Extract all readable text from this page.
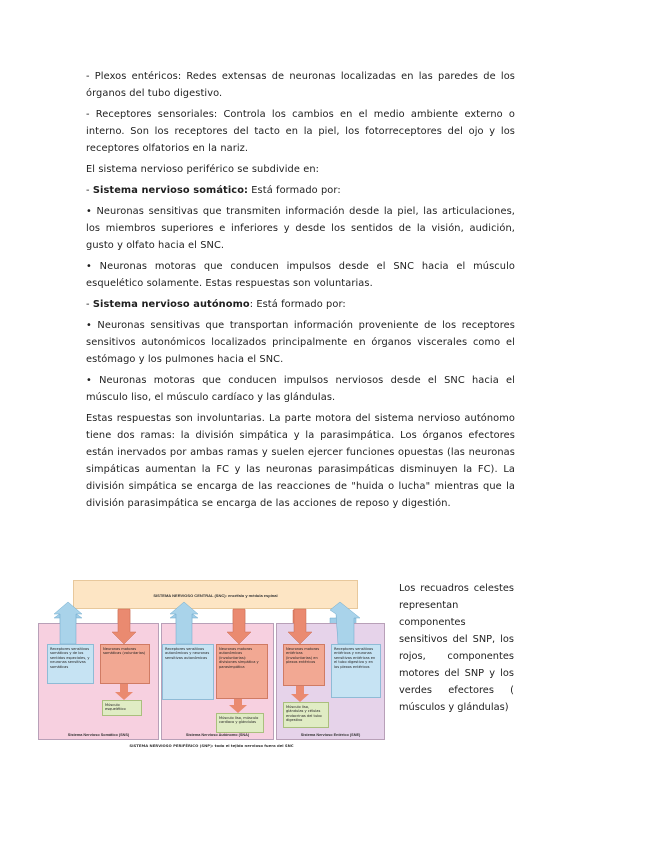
- Plexos entéricos: Redes extensas de neuronas localizadas en las paredes de los órganos del tubo digestivo.

- Receptores sensoriales: Controla los cambios en el medio ambiente externo o interno. Son los receptores del tacto en la piel, los fotorreceptores del ojo y los receptores olfatorios en la nariz.

El sistema nervioso periférico se subdivide en:

- Sistema nervioso somático: Está formado por:

• Neuronas sensitivas que transmiten información desde la piel, las articulaciones, los miembros superiores e inferiores y desde los sentidos de la visión, audición, gusto y olfato hacia el SNC.

• Neuronas motoras que conducen impulsos desde el SNC hacia el músculo esquelético solamente. Estas respuestas son voluntarias.

- Sistema nervioso autónomo: Está formado por:

• Neuronas sensitivas que transportan información proveniente de los receptores sensitivos autonómicos localizados principalmente en órganos viscerales como el estómago y los pulmones hacia el SNC.

• Neuronas motoras que conducen impulsos nerviosos desde el SNC hacia el músculo liso, el músculo cardíaco y las glándulas.

Estas respuestas son involuntarias. La parte motora del sistema nervioso autónomo tiene dos ramas: la división simpática y la parasimpática. Los órganos efectores están inervados por ambas ramas y suelen ejercer funciones opuestas (las neuronas simpáticas aumentan la FC y las neuronas parasimpáticas disminuyen la FC). La división simpática se encarga de las reacciones de "huida o lucha" mientras que la división parasimpática se encarga de las acciones de reposo y digestión.

SISTEMA NERVIOSO CENTRAL (SNC): encéfalo y médula espinal
Sistema Nervioso Somático (SNS)	Sistema Nervioso Autónomo (SNA)	Sistema Nervioso Entérico (SNE)
Receptores sensitivos somáticos y de los sentidos especiales, y neuronas sensitivas somáticas
Neuronas motoras somáticas (voluntarias)
Músculo esquelético
Receptores sensitivos autonómicos y neuronas sensitivas autonómicas
Neuronas motoras autonómicas (involuntarias): divisiones simpática y parasimpática
Músculo liso, músculo cardíaco y glándulas
Neuronas motoras entéricas (involuntarias) en plexos entéricos
Receptores sensitivos entéricos y neuronas sensitivas entéricas en el tubo digestivo y en los plexos entéricos
Músculo liso, glándulas y células endocrinas del tubo digestivo
SISTEMA NERVIOSO PERIFÉRICO (SNP): todo el tejido nervioso fuera del SNC
Los recuadros celestes representan componentes sensitivos del SNP, los rojos, componentes motores del SNP y los verdes efectores ( músculos y glándulas)
